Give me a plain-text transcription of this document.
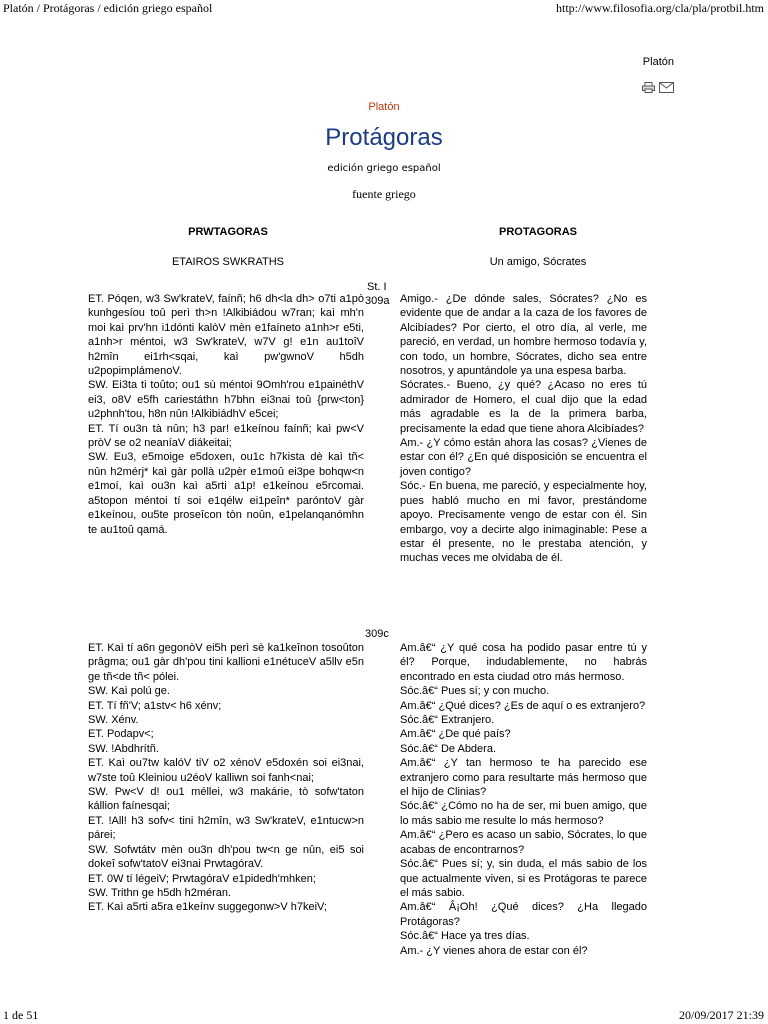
Platón / Protágoras / edición griego español	http://www.filosofia.org/cla/pla/protbil.htm
Platón
Platón
Protágoras
edición griego español
fuente griego
PRWTAGORAS	PROTAGORAS
ETAIROS SWKRATHS	Un amigo, Sócrates
St. I
309a
309c

ET. Póqen, w3 Sw'krateV, faínñ; h6 dh<la dh> o7ti a1pò kunhgesíou toû perì th>n !Alkibiádou w7ran; kaì mh'n moi kaì prv'hn i1dónti kalòV mèn e1faíneto a1nh>r e5ti, a1nh>r méntoi, w3 Sw'krateV, w7V g! e1n au1toîV h2mîn ei1rh<sqai, kaì pw'gwnoV h5dh u2popimplámenoV.

SW. Ei3ta ti toûto; ou1 sù méntoi 9Omh'rou e1painéthV ei3, o8V e5fh cariestáthn h7bhn ei3nai toû {prw<ton} u2phnh'tou, h8n nûn !AlkibiádhV e5cei;

ET. Tí ou3n tà nûn; h3 par! e1keínou faínñ; kaì pw<V pròV se o2 neaníaV diákeitai;

SW. Eu3, e5moige e5doxen, ou1c h7kista dè kaì tñ< nûn h2mérj* kaì gàr pollà u2pèr e1moû ei3pe bohqw<n e1moí, kaì ou3n kaì a5rti a1p! e1keínou e5rcomai. a5topon méntoi tí soi e1qélw ei1peîn* paróntoV gàr e1keínou, ou5te proseîcon tòn noûn, e1pelanqanómhn te au1toû qamá.

Amigo.- ¿De dónde sales, Sócrates? ¿No es evidente que de andar a la caza de los favores de Alcibíades? Por cierto, el otro día, al verle, me pareció, en verdad, un hombre hermoso todavía y, con todo, un hombre, Sócrates, dicho sea entre nosotros, y apuntándole ya una espesa barba.

Sócrates.- Bueno, ¿y qué? ¿Acaso no eres tú admirador de Homero, el cual dijo que la edad más agradable es la de la primera barba, precisamente la edad que tiene ahora Alcibíades?

Am.- ¿Y cómo están ahora las cosas? ¿Vienes de estar con él? ¿En qué disposición se encuentra el joven contigo?

Sóc.- En buena, me pareció, y especialmente hoy, pues habló mucho en mi favor, prestándome apoyo. Precisamente vengo de estar con él. Sin embargo, voy a decirte algo inimaginable: Pese a estar él presente, no le prestaba atención, y muchas veces me olvidaba de él.

ET. Kaì tí a6n gegonòV ei5h perì sè ka1keînon tosoûton prâgma; ou1 gàr dh'pou tini kallioni e1nétuceV a5llv e5n ge tñ<de tñ< pólei.

SW. Kaì polú ge.

ET. Tí fñ'V; a1stv< h6 xénv;

SW. Xénv.

ET. Podapv<;

SW. !Abdhrítñ.

ET. Kaì ou7tw kalóV tiV o2 xénoV e5doxén soi ei3nai, w7ste toû Kleiniou u2éoV kalliwn soi fanh<nai;

SW. Pw<V d! ou1 méllei, w3 makárie, tò sofw'taton kállion faínesqai;

ET. !All! h3 sofv< tini h2mîn, w3 Sw'krateV, e1ntucw>n párei;

SW. Sofwtátv mèn ou3n dh'pou tw<n ge nûn, ei5 soi dokeî sofw'tatoV ei3nai PrwtagóraV.

ET. 0W tí légeiV; PrwtagóraV e1pidedh'mhken;

SW. Trithn ge h5dh h2méran.

ET. Kaì a5rti a5ra e1keínv suggegonw>V h7keiV;

Am.â€“ ¿Y qué cosa ha podido pasar entre tú y él? Porque, indudablemente, no habrás encontrado en esta ciudad otro más hermoso.

Sóc.â€“ Pues sí; y con mucho.

Am.â€“ ¿Qué dices? ¿Es de aquí o es extranjero?

Sóc.â€“ Extranjero.

Am.â€“ ¿De qué país?

Sóc.â€“ De Abdera.

Am.â€“ ¿Y tan hermoso te ha parecido ese extranjero como para resultarte más hermoso que el hijo de Clinias?

Sóc.â€“ ¿Cómo no ha de ser, mi buen amigo, que lo más sabio me resulte lo más hermoso?

Am.â€“ ¿Pero es acaso un sabio, Sócrates, lo que acabas de encontrarnos?

Sóc.â€“ Pues sí; y, sin duda, el más sabio de los que actualmente viven, si es Protágoras te parece el más sabio.

Am.â€“ Â¡Oh! ¿Qué dices? ¿Ha llegado Protágoras?

Sóc.â€“ Hace ya tres días.

Am.- ¿Y vienes ahora de estar con él?

1 de 51	20/09/2017 21:39
